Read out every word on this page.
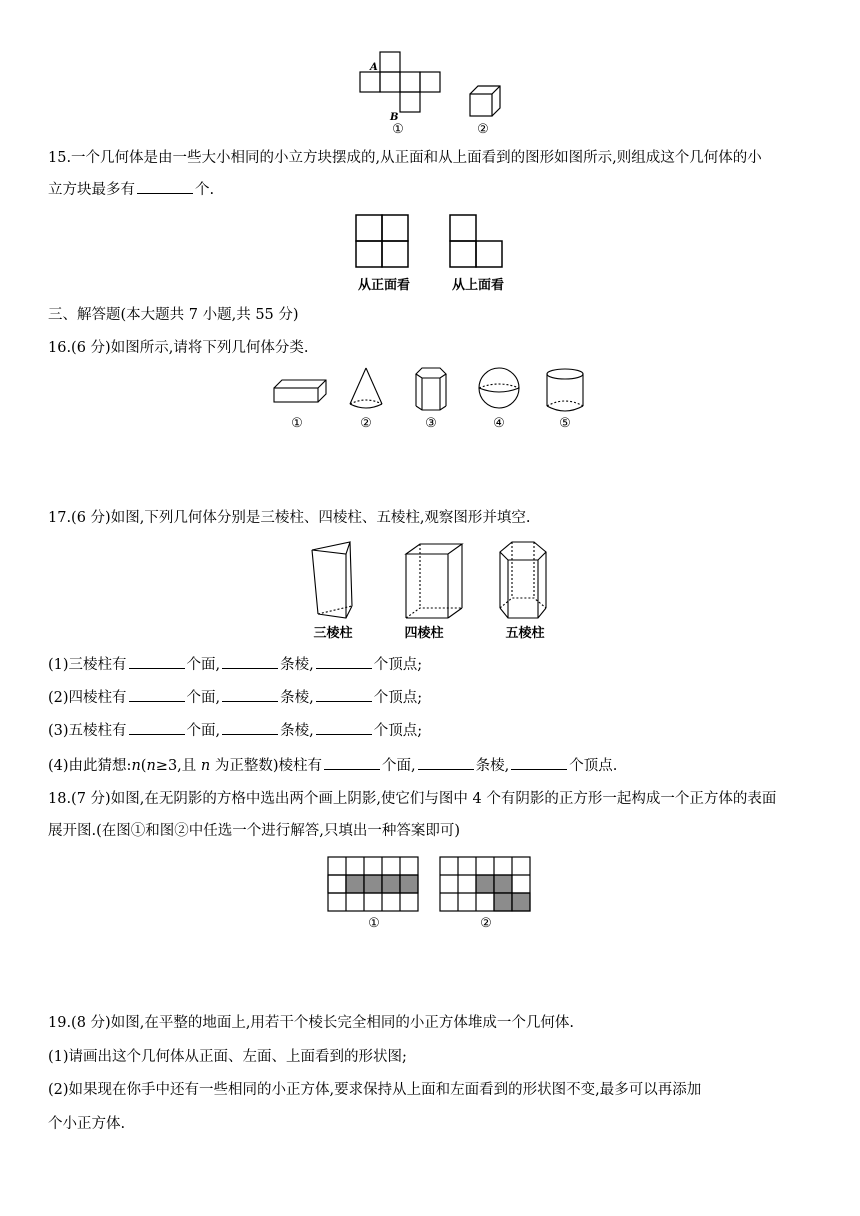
A
B
①	②
15.一个几何体是由一些大小相同的小立方块摆成的,从正面和从上面看到的图形如图所示,则组成这个几何体的小
立方块最多有	个.
从正面看	从上面看
三、解答题(本大题共 7 小题,共 55 分)
16.(6 分)如图所示,请将下列几何体分类.
①	②	③	④	⑤
17.(6 分)如图,下列几何体分别是三棱柱、四棱柱、五棱柱,观察图形并填空.
三棱柱	四棱柱	五棱柱
(1)三棱柱有	个面,	条棱,	个顶点;
(2)四棱柱有	个面,	条棱,	个顶点;
(3)五棱柱有	个面,	条棱,	个顶点;
(4)由此猜想:n(n≥3,且 n 为正整数)棱柱有	个面,	条棱,	个顶点.
18.(7 分)如图,在无阴影的方格中选出两个画上阴影,使它们与图中 4 个有阴影的正方形一起构成一个正方体的表面
展开图.(在图①和图②中任选一个进行解答,只填出一种答案即可)
①	②
19.(8 分)如图,在平整的地面上,用若干个棱长完全相同的小正方体堆成一个几何体.
(1)请画出这个几何体从正面、左面、上面看到的形状图;
(2)如果现在你手中还有一些相同的小正方体,要求保持从上面和左面看到的形状图不变,最多可以再添加
个小正方体.
